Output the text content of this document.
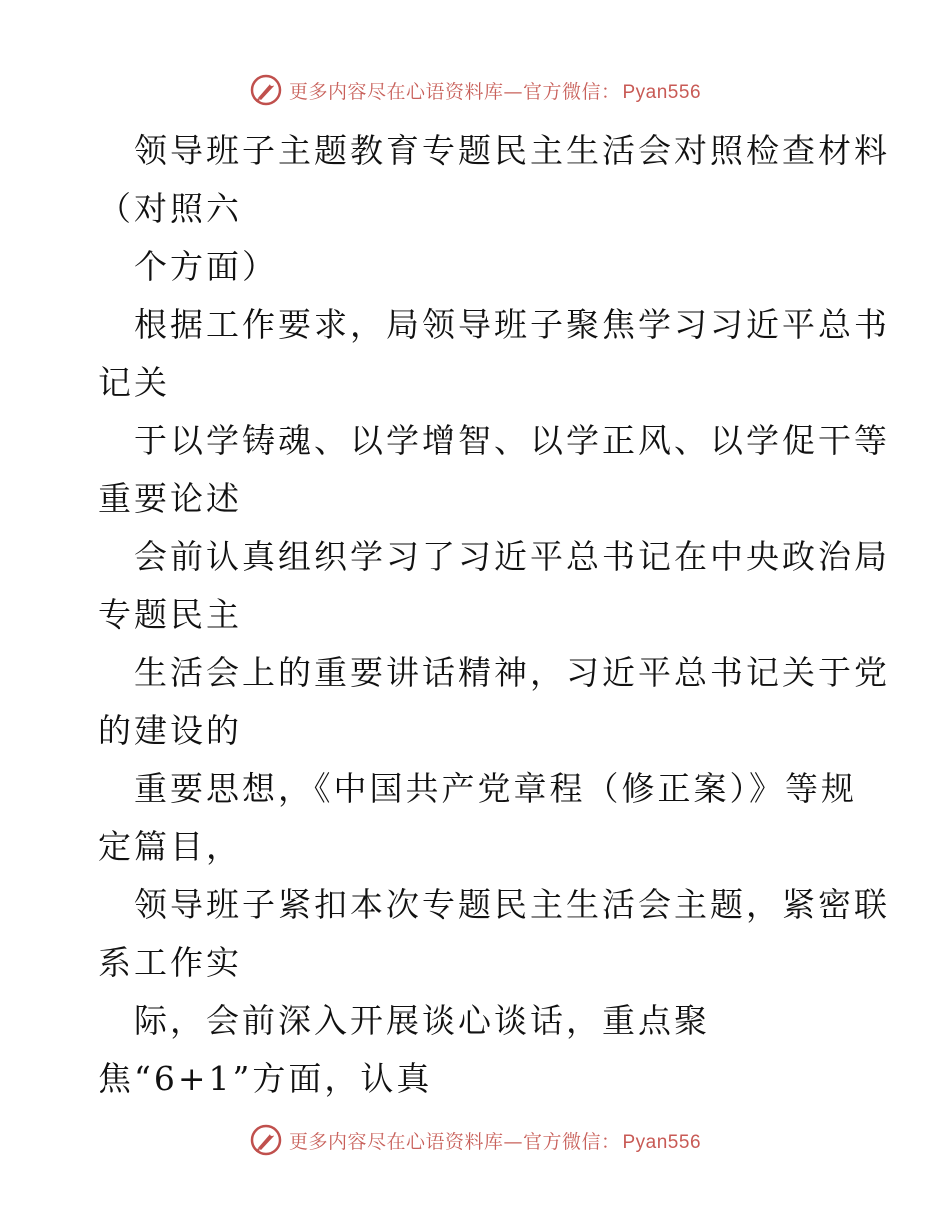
更多内容尽在心语资料库—官方微信： Pyan556
领导班子主题教育专题民主生活会对照检查材料
（对照六
个方面）
根据工作要求，局领导班子聚焦学习习近平总书
记关
于以学铸魂、以学增智、以学正风、以学促干等
重要论述
会前认真组织学习了习近平总书记在中央政治局
专题民主
生活会上的重要讲话精神，习近平总书记关于党
的建设的
重要思想，《中国共产党章程（修正案）》等规
定篇目，
领导班子紧扣本次专题民主生活会主题，紧密联
系工作实
际，会前深入开展谈心谈话，重点聚
焦“6+1”方面，认真
更多内容尽在心语资料库—官方微信： Pyan556
